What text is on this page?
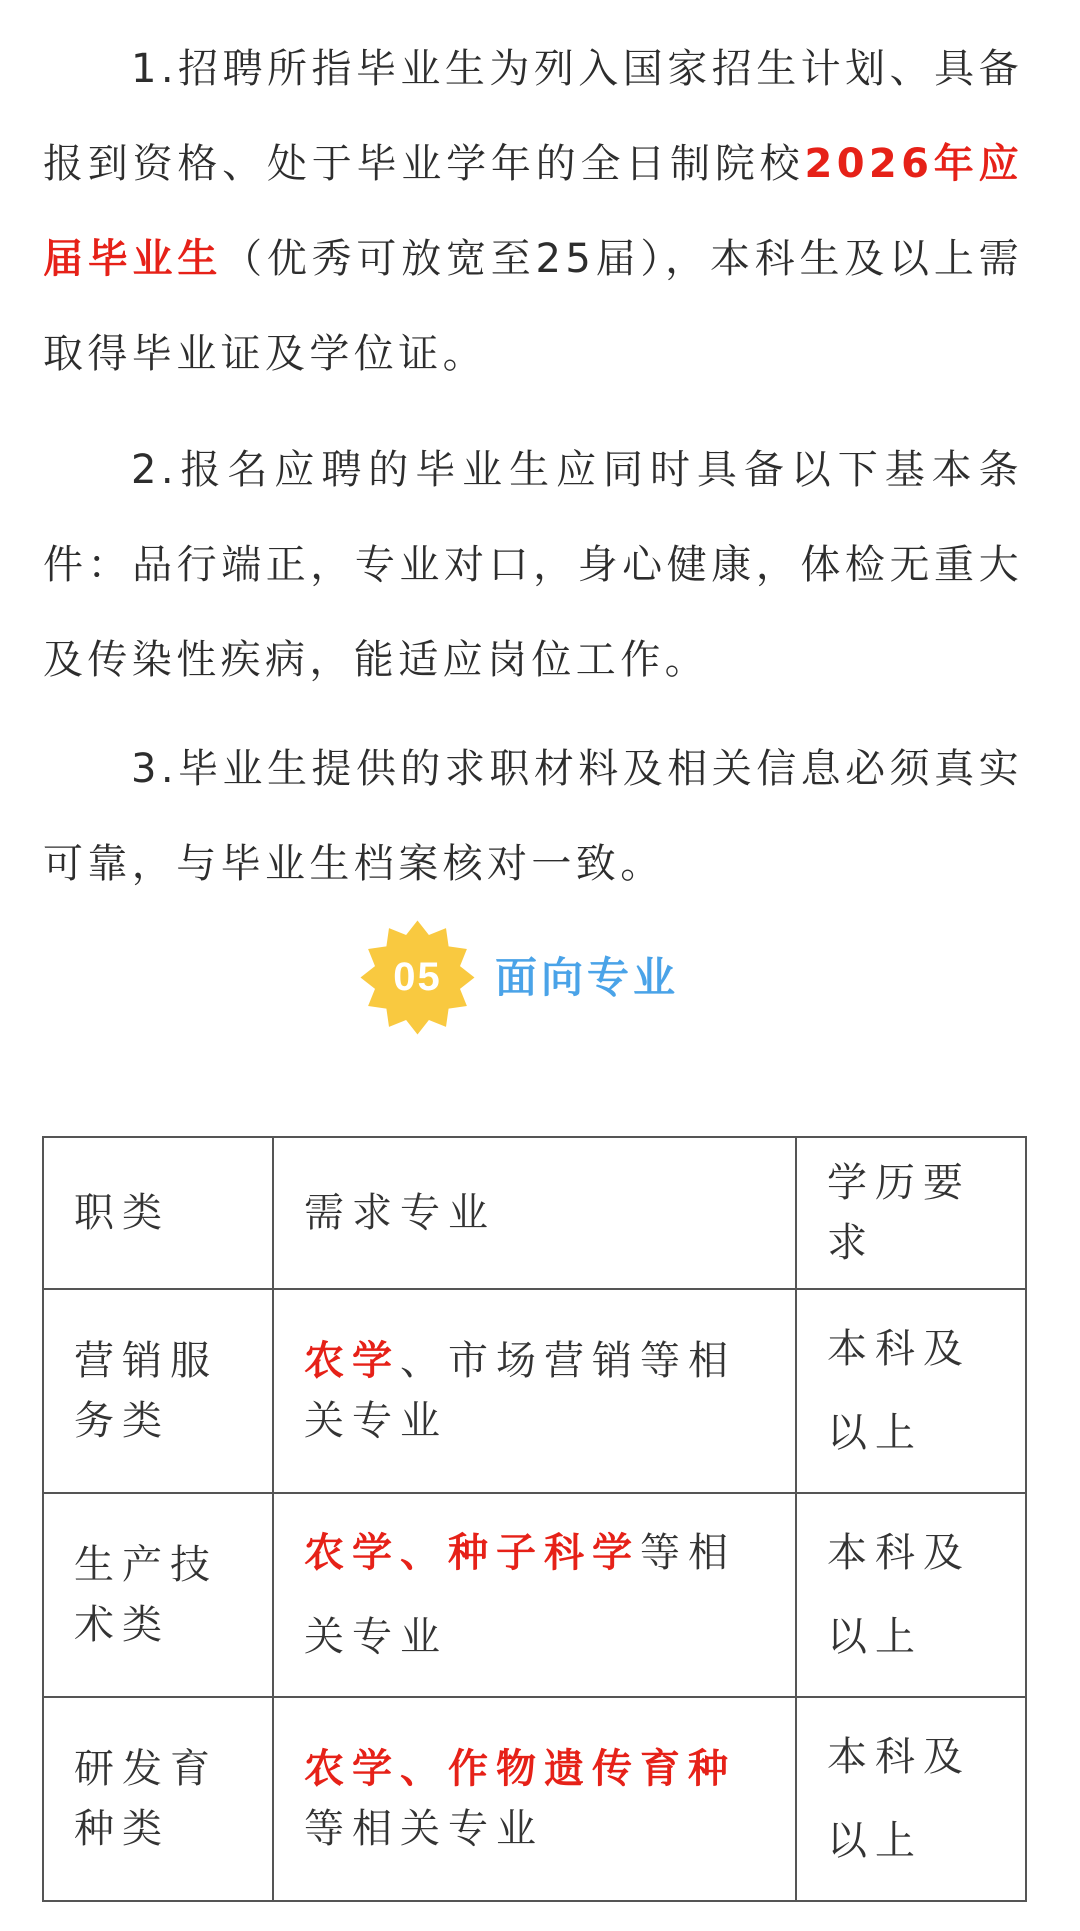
1.招聘所指毕业生为列入国家招生计划、具备报到资格、处于毕业学年的全日制院校2026年应届毕业生（优秀可放宽至25届），本科生及以上需取得毕业证及学位证。

2.报名应聘的毕业生应同时具备以下基本条件：品行端正，专业对口，身心健康，体检无重大及传染性疾病，能适应岗位工作。

3.毕业生提供的求职材料及相关信息必须真实可靠，与毕业生档案核对一致。

05	面向专业
职类	需求专业	学历要求

营销服务类	农学、市场营销等相关专业	本科及以上

生产技术类	农学、种子科学等相关专业	本科及以上

研发育种类	农学、作物遗传育种等相关专业	本科及以上
